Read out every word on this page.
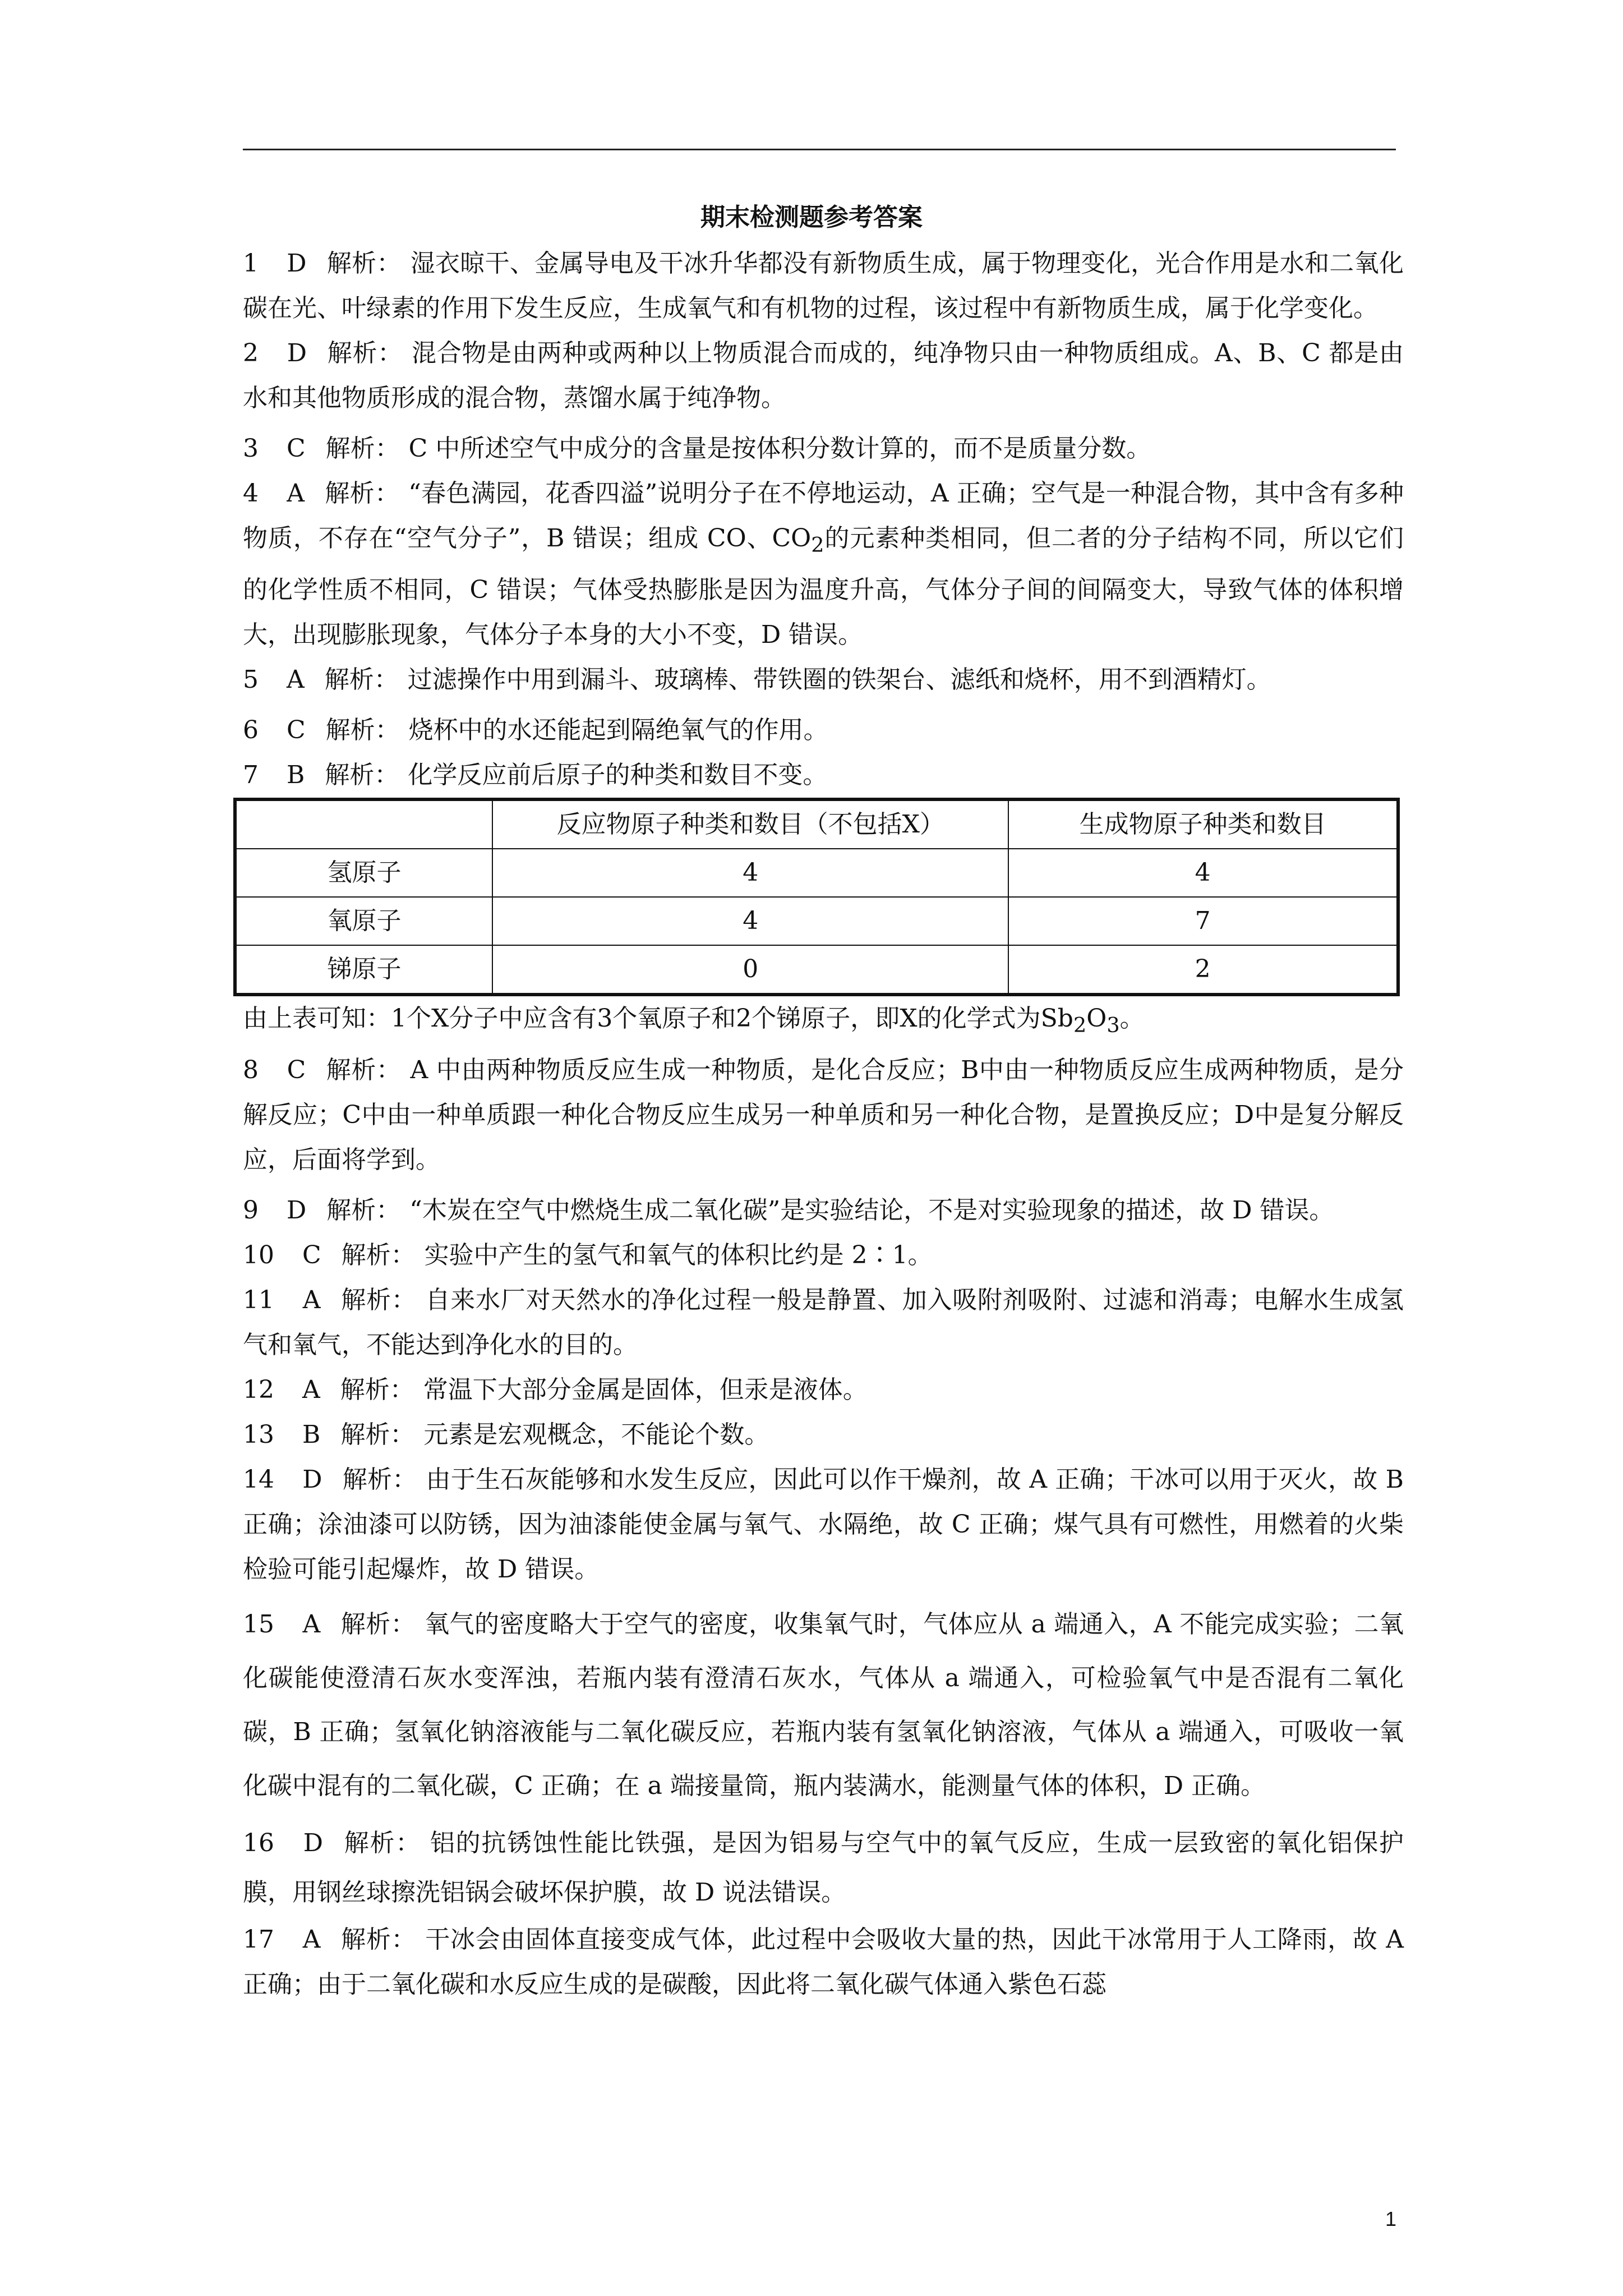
期末检测题参考答案

1 D 解析： 湿衣晾干、金属导电及干冰升华都没有新物质生成，属于物理变化，光合作用是水和二氧化碳在光、叶绿素的作用下发生反应，生成氧气和有机物的过程，该过程中有新物质生成，属于化学变化。

2 D 解析： 混合物是由两种或两种以上物质混合而成的，纯净物只由一种物质组成。A、B、C 都是由水和其他物质形成的混合物，蒸馏水属于纯净物。

3 C 解析： C 中所述空气中成分的含量是按体积分数计算的，而不是质量分数。

4 A 解析： “春色满园，花香四溢”说明分子在不停地运动，A 正确；空气是一种混合物，其中含有多种物质，不存在“空气分子”，B 错误；组成 CO、$CO_2$的元素种类相同，但二者的分子结构不同，所以它们的化学性质不相同，C 错误；气体受热膨胀是因为温度升高，气体分子间的间隔变大，导致气体的体积增大，出现膨胀现象，气体分子本身的大小不变，D 错误。

5 A 解析： 过滤操作中用到漏斗、玻璃棒、带铁圈的铁架台、滤纸和烧杯，用不到酒精灯。

6 C 解析： 烧杯中的水还能起到隔绝氧气的作用。

7 B 解析： 化学反应前后原子的种类和数目不变。

	反应物原子种类和数目（不包括X）	生成物原子种类和数目
氢原子	4	4
氧原子	4	7
锑原子	0	2

由上表可知：1个X分子中应含有3个氧原子和2个锑原子，即X的化学式为$Sb_2O_3$。

8 C 解析： A 中由两种物质反应生成一种物质，是化合反应；B中由一种物质反应生成两种物质，是分解反应；C中由一种单质跟一种化合物反应生成另一种单质和另一种化合物，是置换反应；D中是复分解反应，后面将学到。

9 D 解析： “木炭在空气中燃烧生成二氧化碳”是实验结论，不是对实验现象的描述，故 D 错误。

10 C 解析： 实验中产生的氢气和氧气的体积比约是 2∶1。

11 A 解析： 自来水厂对天然水的净化过程一般是静置、加入吸附剂吸附、过滤和消毒；电解水生成氢气和氧气，不能达到净化水的目的。

12 A 解析： 常温下大部分金属是固体，但汞是液体。

13 B 解析： 元素是宏观概念，不能论个数。

14 D 解析： 由于生石灰能够和水发生反应，因此可以作干燥剂，故 A 正确；干冰可以用于灭火，故 B 正确；涂油漆可以防锈，因为油漆能使金属与氧气、水隔绝，故 C 正确；煤气具有可燃性，用燃着的火柴检验可能引起爆炸，故 D 错误。

15 A 解析： 氧气的密度略大于空气的密度，收集氧气时，气体应从 a 端通入，A 不能完成实验；二氧化碳能使澄清石灰水变浑浊，若瓶内装有澄清石灰水，气体从 a 端通入，可检验氧气中是否混有二氧化碳，B 正确；氢氧化钠溶液能与二氧化碳反应，若瓶内装有氢氧化钠溶液，气体从 a 端通入，可吸收一氧化碳中混有的二氧化碳，C 正确；在 a 端接量筒，瓶内装满水，能测量气体的体积，D 正确。

16 D 解析： 铝的抗锈蚀性能比铁强，是因为铝易与空气中的氧气反应，生成一层致密的氧化铝保护膜，用钢丝球擦洗铝锅会破坏保护膜，故 D 说法错误。

17 A 解析： 干冰会由固体直接变成气体，此过程中会吸收大量的热，因此干冰常用于人工降雨，故 A 正确；由于二氧化碳和水反应生成的是碳酸，因此将二氧化碳气体通入紫色石蕊

1
